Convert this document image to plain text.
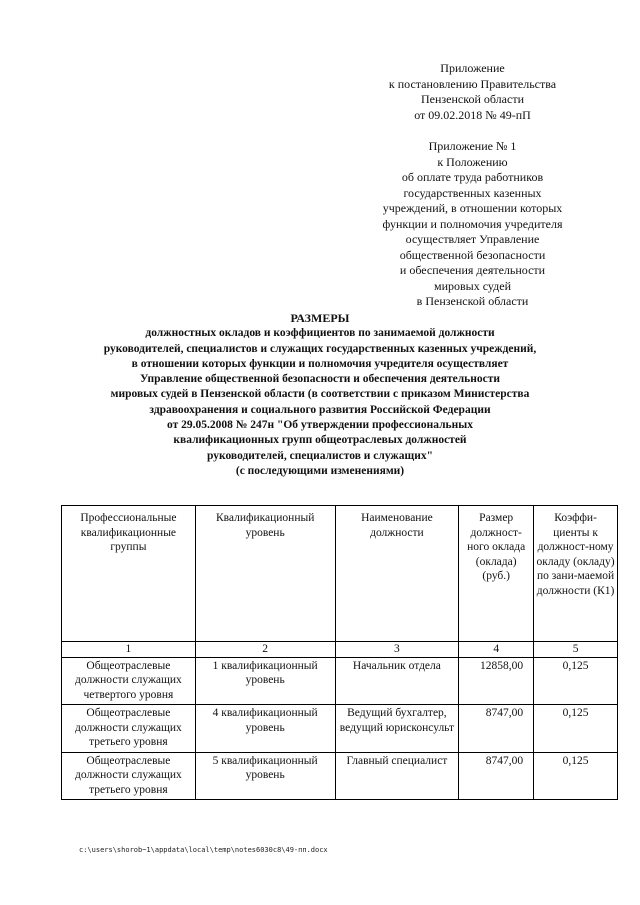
Приложение
к постановлению Правительства
Пензенской области
от 09.02.2018 № 49-пП
Приложение № 1
к Положению
об оплате труда работников
государственных казенных
учреждений, в отношении которых
функции и полномочия учредителя
осуществляет Управление
общественной безопасности
и обеспечения деятельности
мировых судей
в Пензенской области
РАЗМЕРЫ
должностных окладов и коэффициентов по занимаемой должности
руководителей, специалистов и служащих государственных казенных учреждений,
в отношении которых функции и полномочия учредителя осуществляет
Управление общественной безопасности и обеспечения деятельности
мировых судей в Пензенской области (в соответствии с приказом Министерства
здравоохранения и социального развития Российской Федерации
от 29.05.2008 № 247н "Об утверждении профессиональных
квалификационных групп общеотраслевых должностей
руководителей, специалистов и служащих"
(с последующими изменениями)
Профессиональные квалификационные группы	Квалификационный уровень	Наименование должности	Размер должност-ного оклада (оклада) (руб.)	Коэффи-циенты к должност-ному окладу (окладу) по зани-маемой должности (К1)
1	2	3	4	5
Общеотраслевые должности служащих четвертого уровня	1 квалификационный уровень	Начальник отдела	12858,00	0,125
Общеотраслевые должности служащих третьего уровня	4 квалификационный уровень	Ведущий бухгалтер, ведущий юрисконсульт	8747,00	0,125
Общеотраслевые должности служащих третьего уровня	5 квалификационный уровень	Главный специалист	8747,00	0,125
c:\users\shorob~1\appdata\local\temp\notes6030c8\49-пп.docx
